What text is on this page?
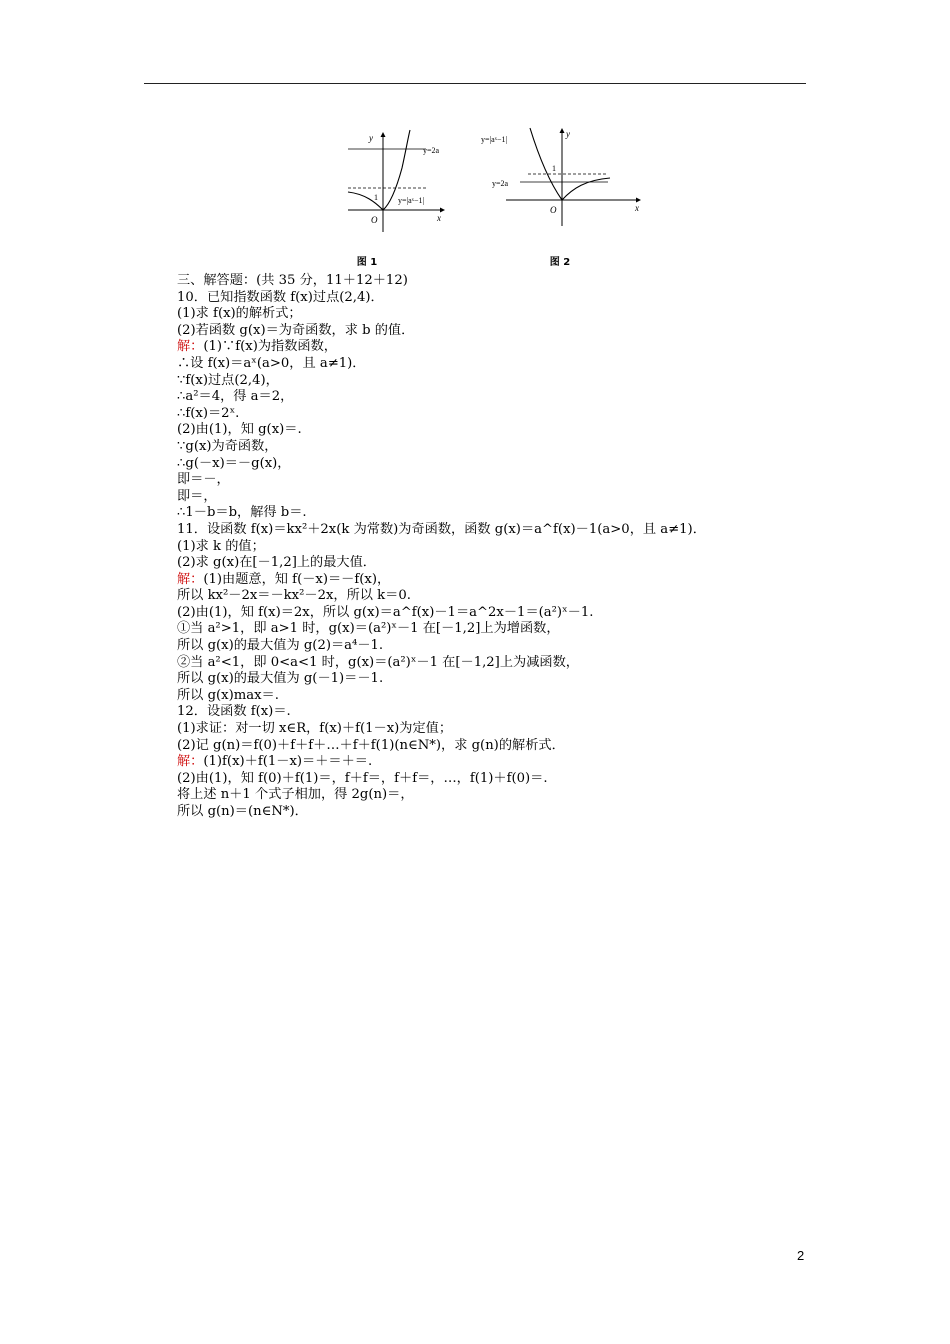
y
x
O
1
y=2a
y=|aˣ−1|
图 1
y=|aˣ−1|
y
x
O
1
y=2a
图 2
三、解答题：(共 35 分，11＋12＋12)
10．已知指数函数 f(x)过点(2,4)．
(1)求 f(x)的解析式；
(2)若函数 g(x)＝为奇函数，求 b 的值．
解：(1)∵f(x)为指数函数，
∴设 f(x)＝aˣ(a>0，且 a≠1)．
∵f(x)过点(2,4)，
∴a²＝4，得 a＝2，
∴f(x)＝2ˣ.
(2)由(1)，知 g(x)＝.
∵g(x)为奇函数，
∴g(－x)＝－g(x)，
即＝－，
即＝，
∴1－b＝b，解得 b＝.
11．设函数 f(x)＝kx²＋2x(k 为常数)为奇函数，函数 g(x)＝a^f(x)－1(a>0，且 a≠1)．
(1)求 k 的值；
(2)求 g(x)在[－1,2]上的最大值．
解：(1)由题意，知 f(－x)＝－f(x)，
所以 kx²－2x＝－kx²－2x，所以 k＝0.
(2)由(1)，知 f(x)＝2x，所以 g(x)＝a^f(x)－1＝a^2x－1＝(a²)ˣ－1.
①当 a²>1，即 a>1 时，g(x)＝(a²)ˣ－1 在[－1,2]上为增函数，
所以 g(x)的最大值为 g(2)＝a⁴－1.
②当 a²<1，即 0<a<1 时，g(x)＝(a²)ˣ－1 在[－1,2]上为减函数，
所以 g(x)的最大值为 g(－1)＝－1.
所以 g(x)max＝.
12．设函数 f(x)＝.
(1)求证：对一切 x∈R，f(x)＋f(1－x)为定值；
(2)记 g(n)＝f(0)＋f＋f＋…＋f＋f(1)(n∈N*)，求 g(n)的解析式．
解：(1)f(x)＋f(1－x)＝＋＝＋＝.
(2)由(1)，知 f(0)＋f(1)＝，f＋f＝，f＋f＝，…，f(1)＋f(0)＝.
将上述 n＋1 个式子相加，得 2g(n)＝，
所以 g(n)＝(n∈N*)．
2
